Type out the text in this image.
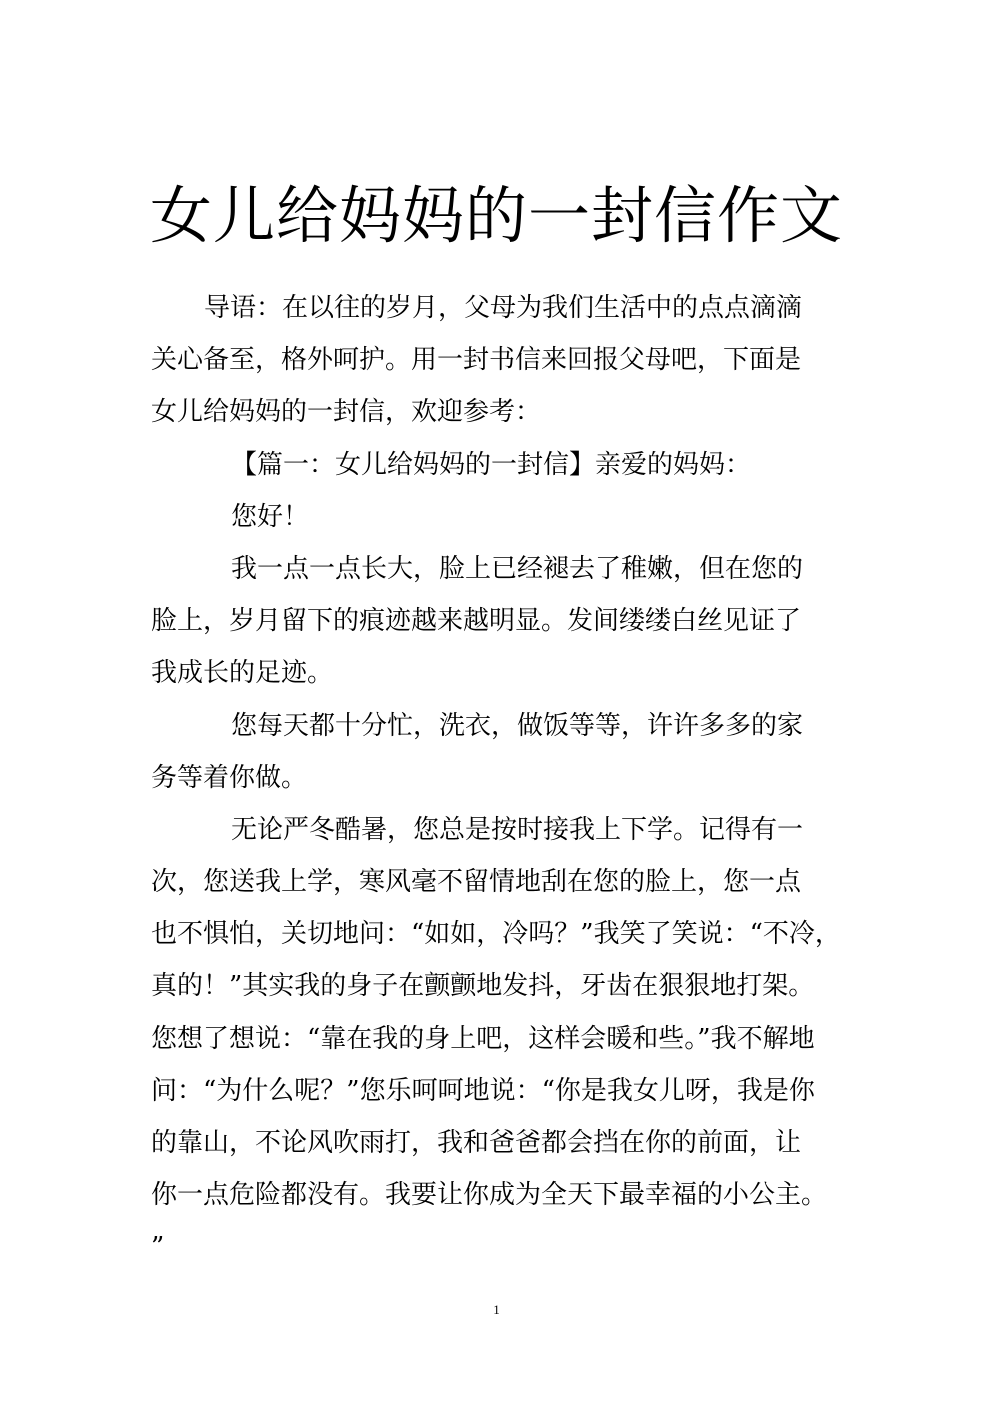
女儿给妈妈的一封信作文

导语：在以往的岁月，父母为我们生活中的点点滴滴

关心备至，格外呵护。用一封书信来回报父母吧，下面是

女儿给妈妈的一封信，欢迎参考：

【篇一：女儿给妈妈的一封信】亲爱的妈妈：

您好！

我一点一点长大，脸上已经褪去了稚嫩，但在您的

脸上，岁月留下的痕迹越来越明显。发间缕缕白丝见证了

我成长的足迹。

您每天都十分忙，洗衣，做饭等等，许许多多的家

务等着你做。

无论严冬酷暑，您总是按时接我上下学。记得有一

次，您送我上学，寒风毫不留情地刮在您的脸上，您一点

也不惧怕，关切地问：“如如，冷吗？”我笑了笑说：“不冷，

真的！”其实我的身子在颤颤地发抖，牙齿在狠狠地打架。

您想了想说：“靠在我的身上吧，这样会暖和些。”我不解地

问：“为什么呢？”您乐呵呵地说：“你是我女儿呀，我是你

的靠山，不论风吹雨打，我和爸爸都会挡在你的前面，让

你一点危险都没有。我要让你成为全天下最幸福的小公主。

”

1
